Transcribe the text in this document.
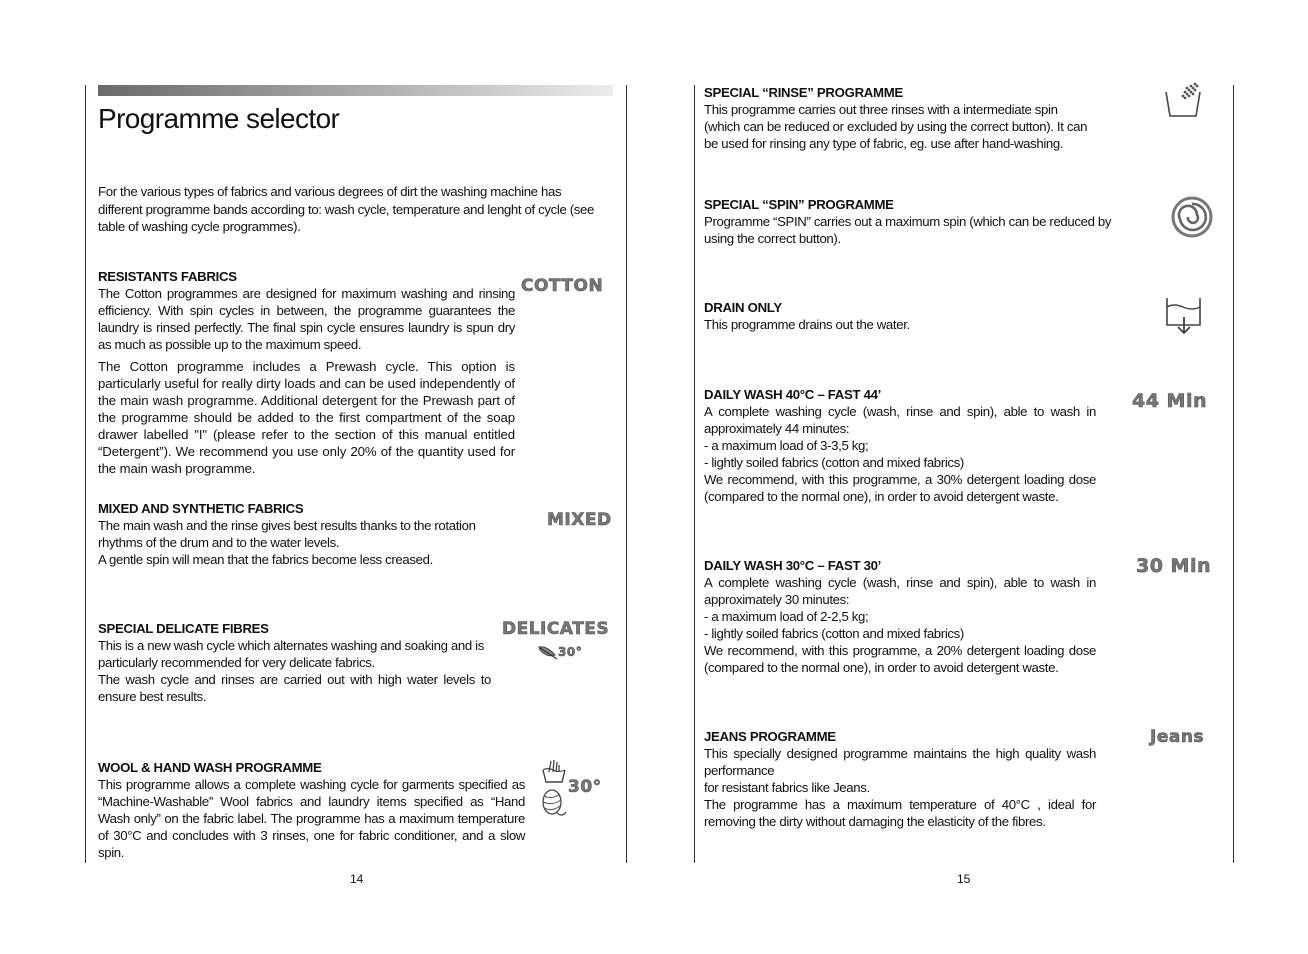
Programme selector
For the various types of fabrics and various degrees of dirt the washing machine has different programme bands according to: wash cycle, temperature and lenght of cycle (see table of washing cycle programmes).
RESISTANTS FABRICS

The Cotton programmes are designed for maximum washing and rinsing efficiency. With spin cycles in between, the programme guarantees the laundry is rinsed perfectly. The final spin cycle ensures laundry is spun dry as much as possible up to the maximum speed.

The Cotton programme includes a Prewash cycle. This option is particularly useful for really dirty loads and can be used independently of the main wash programme. Additional detergent for the Prewash part of the programme should be added to the first compartment of the soap drawer labelled "I" (please refer to the section of this manual entitled “Detergent”). We recommend you use only 20% of the quantity used for the main wash programme.

COTTON
MIXED AND SYNTHETIC FABRICS

The main wash and the rinse gives best results thanks to the rotation rhythms of the drum and to the water levels.

A gentle spin will mean that the fabrics become less creased.

MIXED
SPECIAL DELICATE FIBRES

This is a new wash cycle which alternates washing and soaking and is particularly recommended for very delicate fabrics.

The wash cycle and rinses are carried out with high water levels to ensure best results.

DELICATES
30°
WOOL & HAND WASH PROGRAMME

This programme allows a complete washing cycle for garments specified as “Machine-Washable” Wool fabrics and laundry items specified as “Hand Wash only” on the fabric label. The programme has a maximum temperature of 30°C and concludes with 3 rinses, one for fabric conditioner, and a slow spin.

30°
14
SPECIAL “RINSE” PROGRAMME

This programme carries out three rinses with a intermediate spin (which can be reduced or excluded by using the correct button). It can be used for rinsing any type of fabric, eg. use after hand-washing.

SPECIAL “SPIN” PROGRAMME

Programme “SPIN” carries out a maximum spin (which can be reduced by using the correct button).

DRAIN ONLY

This programme drains out the water.

DAILY WASH 40°C – FAST 44’

A complete washing cycle (wash, rinse and spin), able to wash in approximately 44 minutes:

- a maximum load of 3-3,5 kg;

- lightly soiled fabrics (cotton and mixed fabrics)

We recommend, with this programme, a 30% detergent loading dose (compared to the normal one), in order to avoid detergent waste.

44 Min
DAILY WASH 30°C – FAST 30’

A complete washing cycle (wash, rinse and spin), able to wash in approximately 30 minutes:

- a maximum load of 2-2,5 kg;

- lightly soiled fabrics (cotton and mixed fabrics)

We recommend, with this programme, a 20% detergent loading dose (compared to the normal one), in order to avoid detergent waste.

30 Min
JEANS PROGRAMME

This specially designed programme maintains the high quality wash performance

for resistant fabrics like Jeans.

The programme has a maximum temperature of 40°C , ideal for removing the dirty without damaging the elasticity of the fibres.

Jeans
15
